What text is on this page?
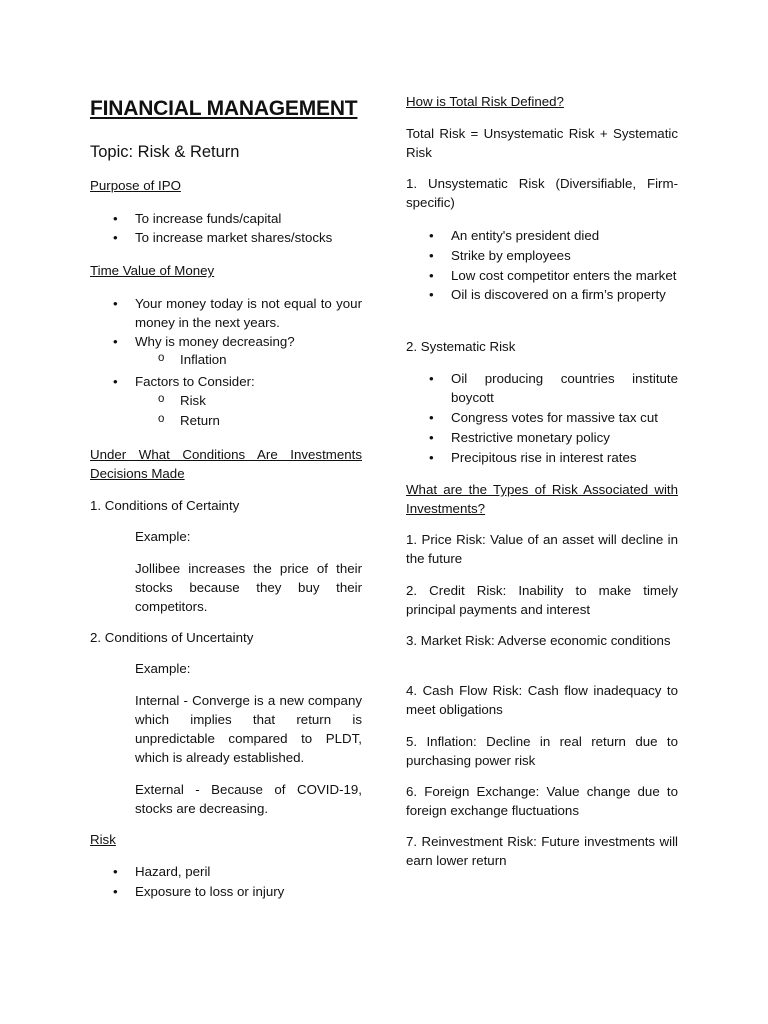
FINANCIAL MANAGEMENT
Topic: Risk & Return
Purpose of IPO
• To increase funds/capital
• To increase market shares/stocks
Time Value of Money
• Your money today is not equal to your money in the next years.
• Why is money decreasing?
o Inflation
• Factors to Consider:
o Risk
o Return
Under What Conditions Are Investments Decisions Made
1. Conditions of Certainty
Example:
Jollibee increases the price of their stocks because they buy their competitors.
2. Conditions of Uncertainty
Example:
Internal - Converge is a new company which implies that return is unpredictable compared to PLDT, which is already established.
External - Because of COVID-19, stocks are decreasing.
Risk
• Hazard, peril
• Exposure to loss or injury
How is Total Risk Defined?
Total Risk = Unsystematic Risk + Systematic Risk
1. Unsystematic Risk (Diversifiable, Firm-specific)
• An entity's president died
• Strike by employees
• Low cost competitor enters the market
• Oil is discovered on a firm’s property
2. Systematic Risk
• Oil producing countries institute boycott
• Congress votes for massive tax cut
• Restrictive monetary policy
• Precipitous rise in interest rates
What are the Types of Risk Associated with Investments?
1. Price Risk: Value of an asset will decline in the future
2. Credit Risk: Inability to make timely principal payments and interest
3. Market Risk: Adverse economic conditions
4. Cash Flow Risk: Cash flow inadequacy to meet obligations
5. Inflation: Decline in real return due to purchasing power risk
6. Foreign Exchange: Value change due to foreign exchange fluctuations
7. Reinvestment Risk: Future investments will earn lower return
